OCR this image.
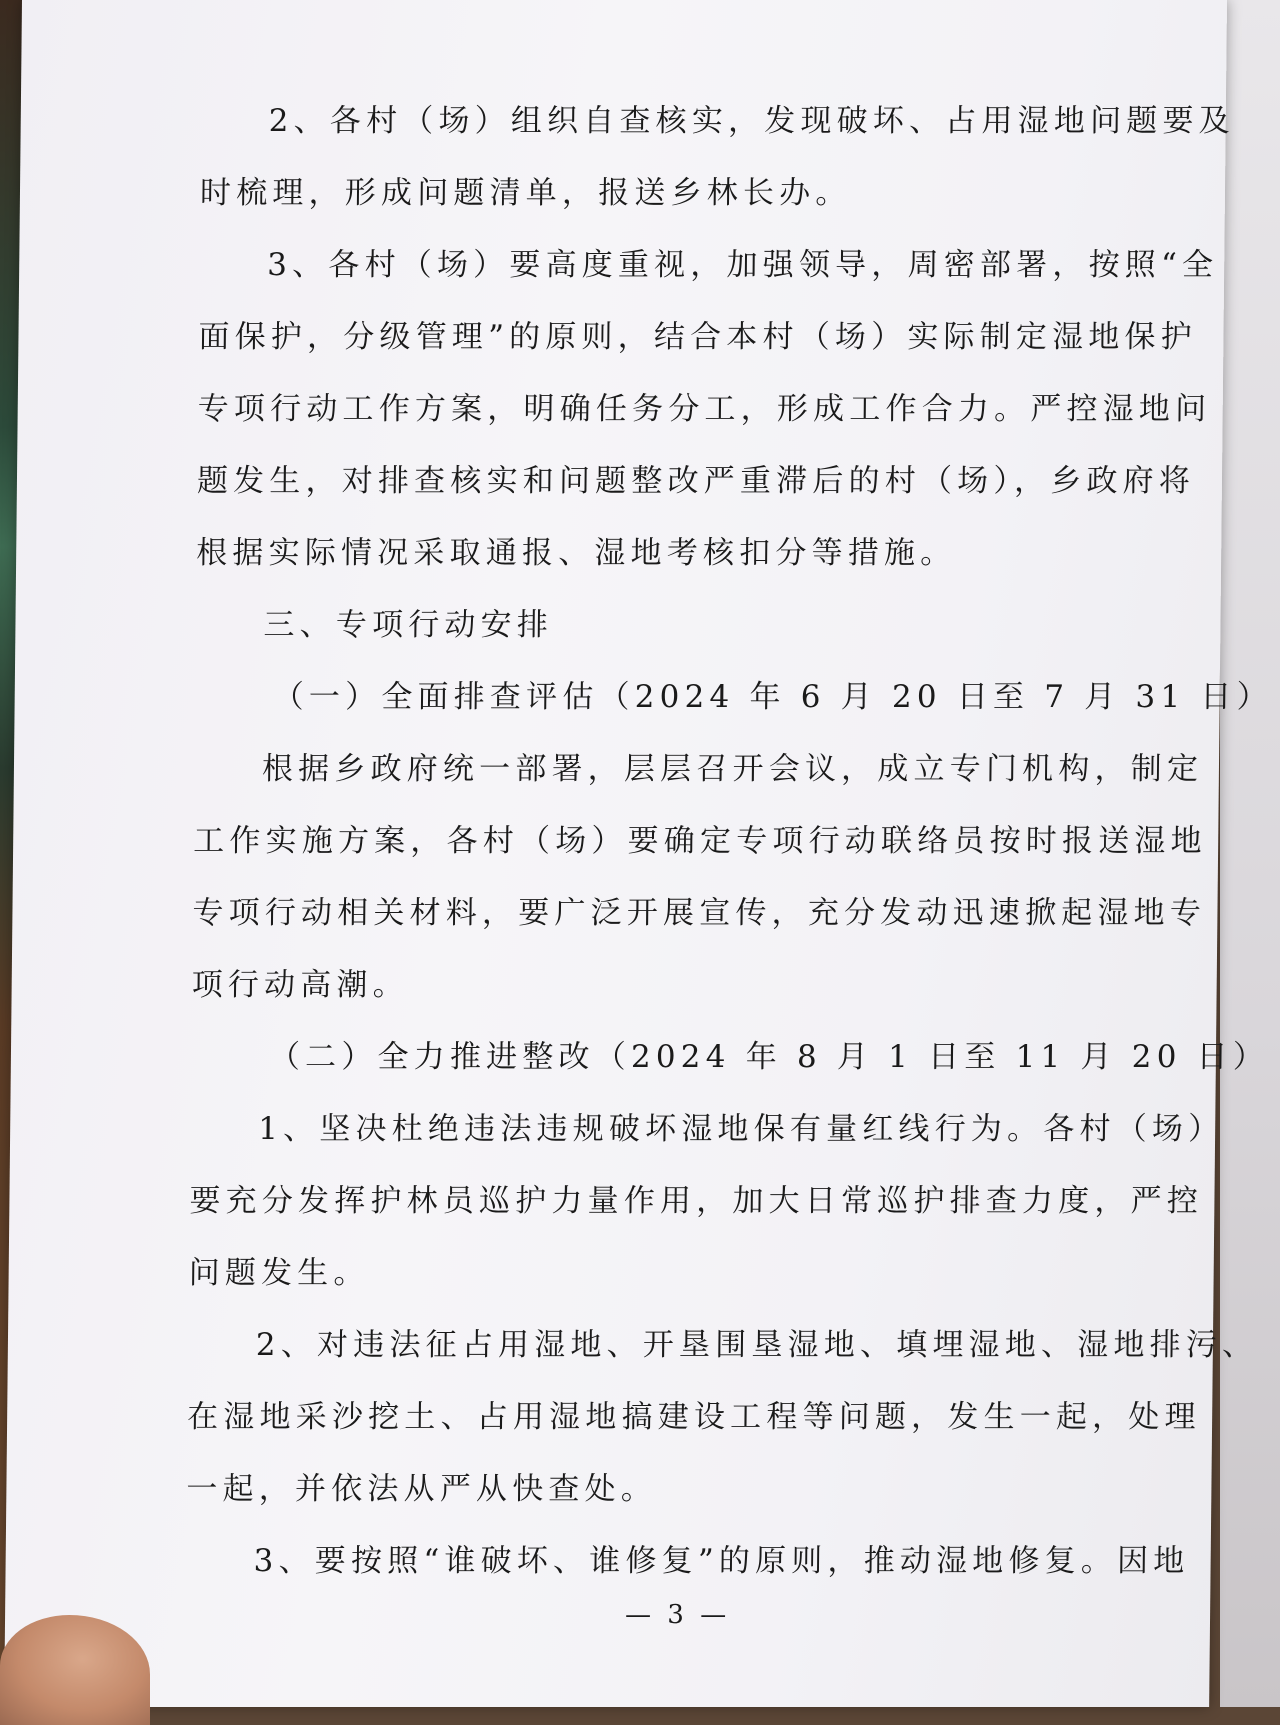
2、各村（场）组织自查核实，发现破坏、占用湿地问题要及
时梳理，形成问题清单，报送乡林长办。
3、各村（场）要高度重视，加强领导，周密部署，按照“全
面保护，分级管理”的原则，结合本村（场）实际制定湿地保护
专项行动工作方案，明确任务分工，形成工作合力。严控湿地问
题发生，对排查核实和问题整改严重滞后的村（场），乡政府将
根据实际情况采取通报、湿地考核扣分等措施。
三、专项行动安排
（一）全面排查评估（2024 年 6 月 20 日至 7 月 31 日）
根据乡政府统一部署，层层召开会议，成立专门机构，制定
工作实施方案，各村（场）要确定专项行动联络员按时报送湿地
专项行动相关材料，要广泛开展宣传，充分发动迅速掀起湿地专
项行动高潮。
（二）全力推进整改（2024 年 8 月 1 日至 11 月 20 日）
1、坚决杜绝违法违规破坏湿地保有量红线行为。各村（场）
要充分发挥护林员巡护力量作用，加大日常巡护排查力度，严控
问题发生。
2、对违法征占用湿地、开垦围垦湿地、填埋湿地、湿地排污、
在湿地采沙挖土、占用湿地搞建设工程等问题，发生一起，处理
一起，并依法从严从快查处。
3、要按照“谁破坏、谁修复”的原则，推动湿地修复。因地
— 3 —
